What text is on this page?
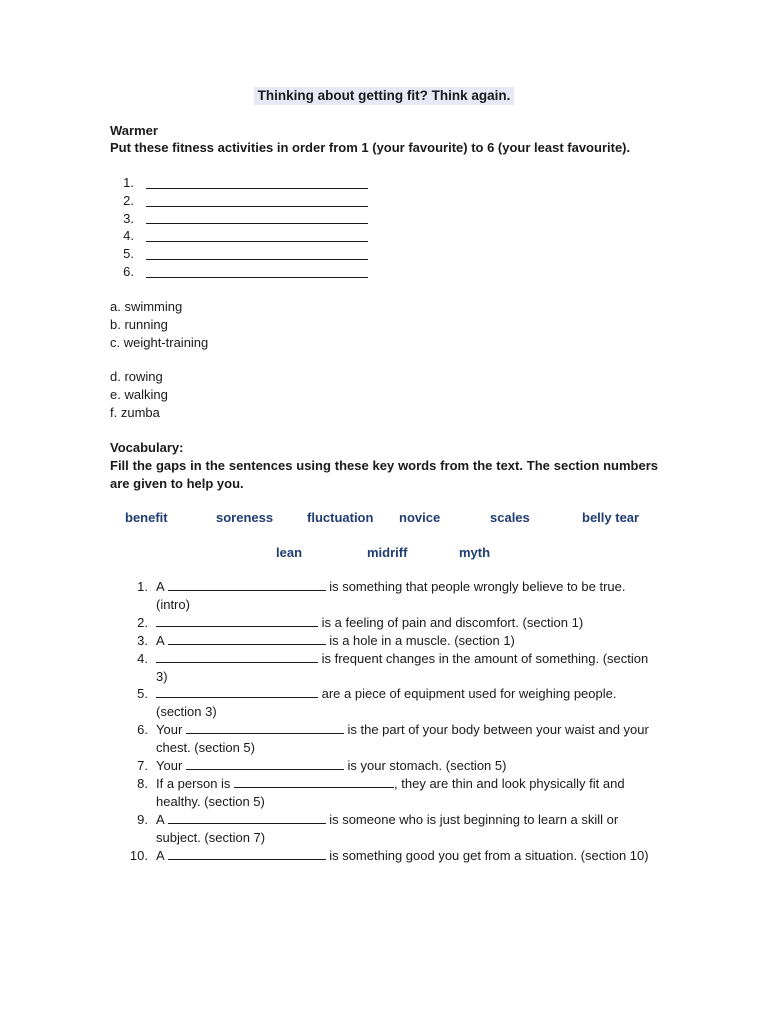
Thinking about getting fit? Think again.
Warmer
Put these fitness activities in order from 1 (your favourite) to 6 (your least favourite).
1.
2.
3.
4.
5.
6.
a. swimming
b. running
c. weight-training
d. rowing
e. walking
f. zumba
Vocabulary:
Fill the gaps in the sentences using these key words from the text. The section numbers are given to help you.
benefit	soreness	fluctuation novice	scales	belly tear
lean	midriff	myth
1. A	is something that people wrongly believe to be true. (intro)
2.	is a feeling of pain and discomfort. (section 1)
3. A	is a hole in a muscle. (section 1)
4.	is frequent changes in the amount of something. (section 3)
5.	are a piece of equipment used for weighing people. (section 3)
6. Your	is the part of your body between your waist and your chest. (section 5)
7. Your	is your stomach. (section 5)
8. If a person is	, they are thin and look physically fit and healthy. (section 5)
9. A	is someone who is just beginning to learn a skill or subject. (section 7)
10. A	is something good you get from a situation. (section 10)
